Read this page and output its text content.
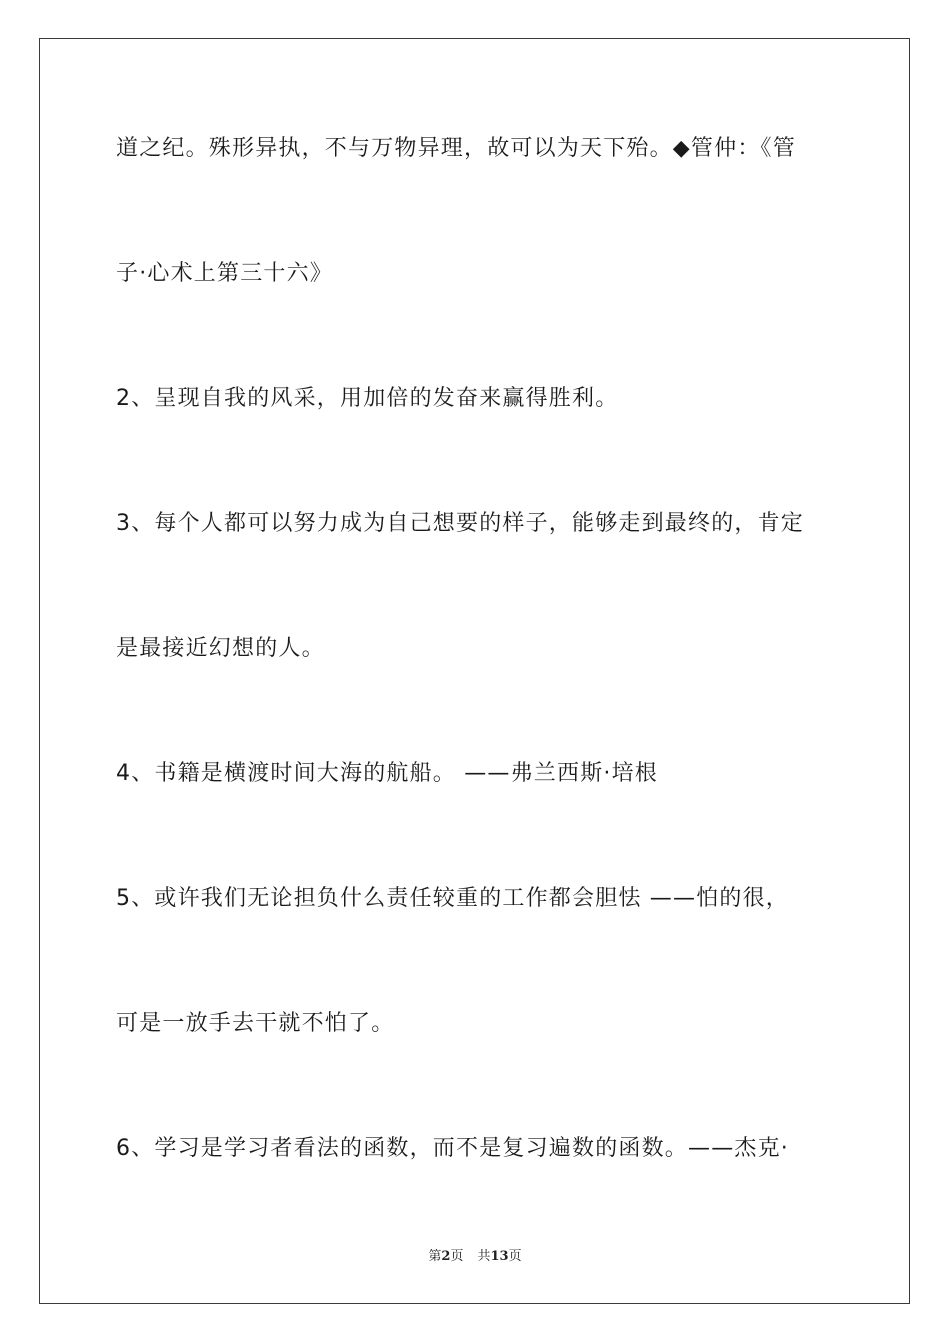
道之纪。殊形异执，不与万物异理，故可以为天下殆。◆管仲：《管
子·心术上第三十六》
2、呈现自我的风采，用加倍的发奋来赢得胜利。
3、每个人都可以努力成为自己想要的样子，能够走到最终的，肯定
是最接近幻想的人。
4、书籍是横渡时间大海的航船。 ——弗兰西斯·培根
5、或许我们无论担负什么责任较重的工作都会胆怯 ——怕的很，
可是一放手去干就不怕了。
6、学习是学习者看法的函数，而不是复习遍数的函数。——杰克·
第2页 共13页
